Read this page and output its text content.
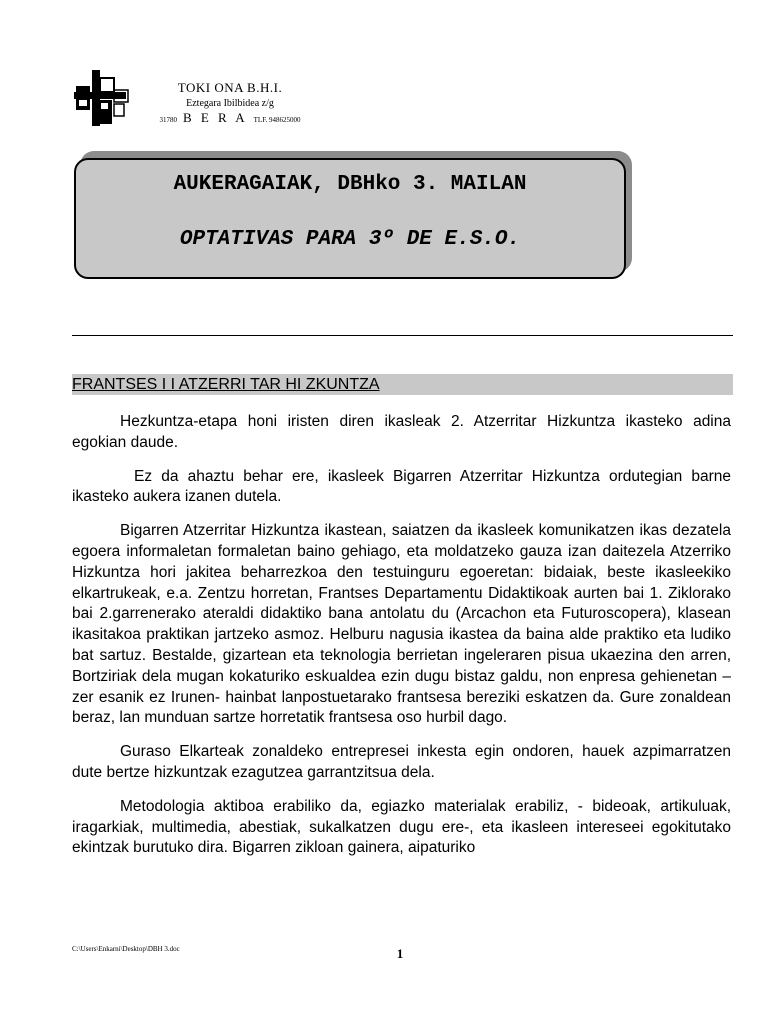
TOKI ONA B.H.I.
Eztegara Ibilbidea z/g
31780 B E R A TLF. 948625000
AUKERAGAIAK, DBHko 3. MAILAN
OPTATIVAS PARA 3º DE E.S.O.
FRANTSES I I ATZERRI TAR HI ZKUNTZA

Hezkuntza-etapa honi iristen diren ikasleak 2. Atzerritar Hizkuntza ikasteko adina egokian daude.

Ez da ahaztu behar ere, ikasleek Bigarren Atzerritar Hizkuntza ordutegian barne ikasteko aukera izanen dutela.

Bigarren Atzerritar Hizkuntza ikastean, saiatzen da ikasleek komunikatzen ikas dezatela egoera informaletan formaletan baino gehiago, eta moldatzeko gauza izan daitezela Atzerriko Hizkuntza hori jakitea beharrezkoa den testuinguru egoeretan: bidaiak, beste ikasleekiko elkartrukeak, e.a. Zentzu horretan, Frantses Departamentu Didaktikoak aurten bai 1. Ziklorako bai 2.garrenerako ateraldi didaktiko bana antolatu du (Arcachon eta Futuroscopera), klasean ikasitakoa praktikan jartzeko asmoz. Helburu nagusia ikastea da baina alde praktiko eta ludiko bat sartuz. Bestalde, gizartean eta teknologia berrietan ingeleraren pisua ukaezina den arren, Bortziriak dela mugan kokaturiko eskualdea ezin dugu bistaz galdu, non enpresa gehienetan –zer esanik ez Irunen- hainbat lanpostuetarako frantsesa bereziki eskatzen da. Gure zonaldean beraz, lan munduan sartze horretatik frantsesa oso hurbil dago.

Guraso Elkarteak zonaldeko entrepresei inkesta egin ondoren, hauek azpimarratzen dute bertze hizkuntzak ezagutzea garrantzitsua dela.

Metodologia aktiboa erabiliko da, egiazko materialak erabiliz, - bideoak, artikuluak, iragarkiak, multimedia, abestiak, sukalkatzen dugu ere-, eta ikasleen intereseei egokitutako ekintzak burutuko dira. Bigarren zikloan gainera, aipaturiko

C:\Users\Enkarni\Desktop\DBH 3.doc	1
